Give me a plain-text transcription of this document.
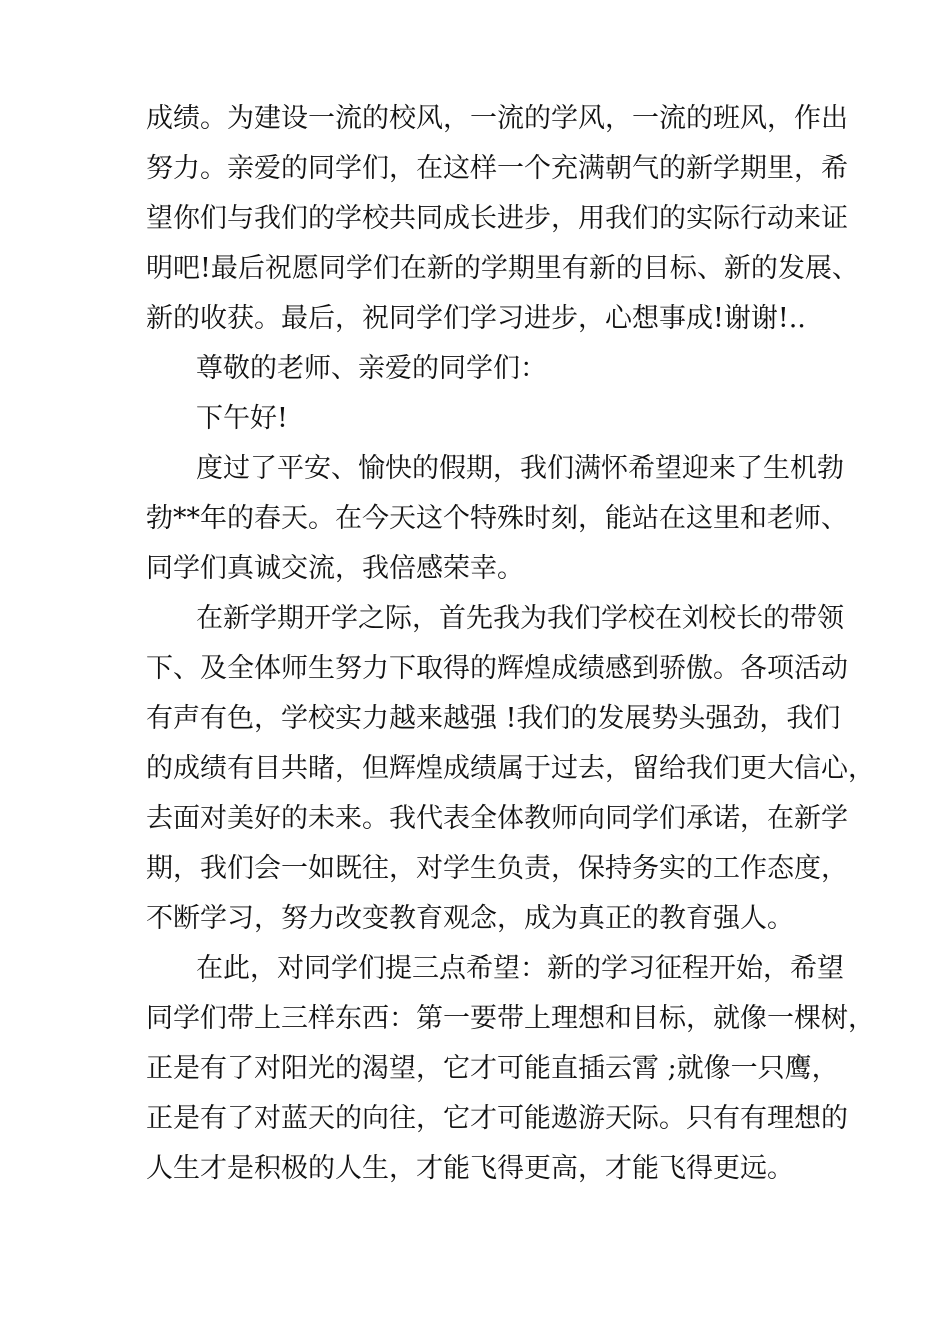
成绩。为建设一流的校风，一流的学风，一流的班风，作出
努力。亲爱的同学们，在这样一个充满朝气的新学期里，希
望你们与我们的学校共同成长进步，用我们的实际行动来证
明吧!最后祝愿同学们在新的学期里有新的目标、新的发展、
新的收获。最后，祝同学们学习进步，心想事成!谢谢!..
尊敬的老师、亲爱的同学们：
下午好!
度过了平安、愉快的假期，我们满怀希望迎来了生机勃
勃**年的春天。在今天这个特殊时刻，能站在这里和老师、
同学们真诚交流，我倍感荣幸。
在新学期开学之际，首先我为我们学校在刘校长的带领
下、及全体师生努力下取得的辉煌成绩感到骄傲。各项活动
有声有色，学校实力越来越强 !我们的发展势头强劲，我们
的成绩有目共睹，但辉煌成绩属于过去，留给我们更大信心，
去面对美好的未来。我代表全体教师向同学们承诺，在新学
期，我们会一如既往，对学生负责，保持务实的工作态度，
不断学习，努力改变教育观念，成为真正的教育强人。
在此，对同学们提三点希望：新的学习征程开始，希望
同学们带上三样东西：第一要带上理想和目标，就像一棵树，
正是有了对阳光的渴望，它才可能直插云霄 ;就像一只鹰，
正是有了对蓝天的向往，它才可能遨游天际。只有有理想的
人生才是积极的人生，才能飞得更高，才能飞得更远。
